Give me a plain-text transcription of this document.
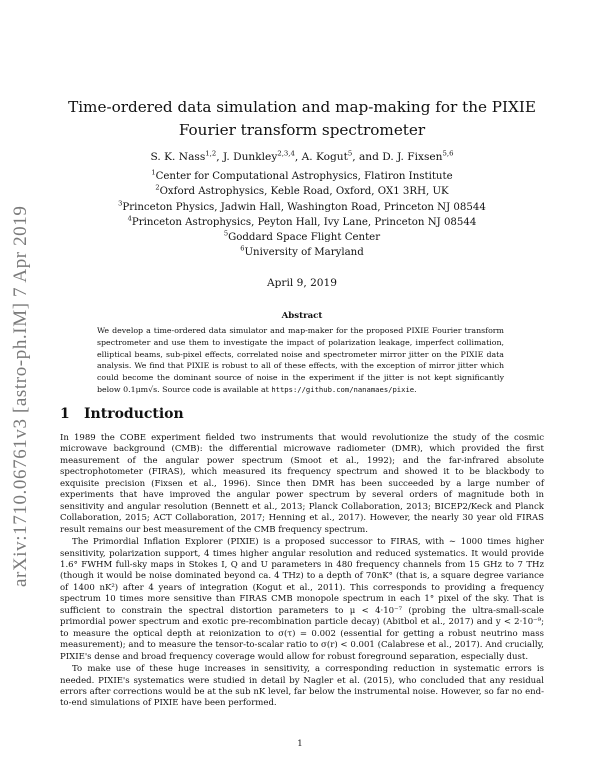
arXiv:1710.06761v3 [astro-ph.IM] 7 Apr 2019
Time-ordered data simulation and map-making for the PIXIE Fourier transform spectrometer
S. K. Nass$^{1,2}$, J. Dunkley$^{2,3,4}$, A. Kogut$^5$, and D. J. Fixsen$^{5,6}$
$^1$Center for Computational Astrophysics, Flatiron Institute
$^2$Oxford Astrophysics, Keble Road, Oxford, OX1 3RH, UK
$^3$Princeton Physics, Jadwin Hall, Washington Road, Princeton NJ 08544
$^4$Princeton Astrophysics, Peyton Hall, Ivy Lane, Princeton NJ 08544
$^5$Goddard Space Flight Center
$^6$University of Maryland
April 9, 2019
Abstract

We develop a time-ordered data simulator and map-maker for the proposed PIXIE Fourier transform spectrometer and use them to investigate the impact of polarization leakage, imperfect collimation, elliptical beams, sub-pixel effects, correlated noise and spectrometer mirror jitter on the PIXIE data analysis. We find that PIXIE is robust to all of these effects, with the exception of mirror jitter which could become the dominant source of noise in the experiment if the jitter is not kept significantly below 0.1μm√s. Source code is available at https://github.com/nanamaes/pixie.

1 Introduction

In 1989 the COBE experiment fielded two instruments that would revolutionize the study of the cosmic microwave background (CMB): the differential microwave radiometer (DMR), which provided the first measurement of the angular power spectrum (Smoot et al., 1992); and the far-infrared absolute spectrophotometer (FIRAS), which measured its frequency spectrum and showed it to be blackbody to exquisite precision (Fixsen et al., 1996). Since then DMR has been succeeded by a large number of experiments that have improved the angular power spectrum by several orders of magnitude both in sensitivity and angular resolution (Bennett et al., 2013; Planck Collaboration, 2013; BICEP2/Keck and Planck Collaboration, 2015; ACT Collaboration, 2017; Henning et al., 2017). However, the nearly 30 year old FIRAS result remains our best measurement of the CMB frequency spectrum.

The Primordial Inflation Explorer (PIXIE) is a proposed successor to FIRAS, with ∼ 1000 times higher sensitivity, polarization support, 4 times higher angular resolution and reduced systematics. It would provide 1.6° FWHM full-sky maps in Stokes I, Q and U parameters in 480 frequency channels from 15 GHz to 7 THz (though it would be noise dominated beyond ca. 4 THz) to a depth of 70nK° (that is, a square degree variance of 1400 nK²) after 4 years of integration (Kogut et al., 2011). This corresponds to providing a frequency spectrum 10 times more sensitive than FIRAS CMB monopole spectrum in each 1° pixel of the sky. That is sufficient to constrain the spectral distortion parameters to μ < 4·10⁻⁷ (probing the ultra-small-scale primordial power spectrum and exotic pre-recombination particle decay) (Abitbol et al., 2017) and y < 2·10⁻⁹; to measure the optical depth at reionization to σ(τ) = 0.002 (essential for getting a robust neutrino mass measurement); and to measure the tensor-to-scalar ratio to σ(r) < 0.001 (Calabrese et al., 2017). And crucially, PIXIE's dense and broad frequency coverage would allow for robust foreground separation, especially dust.

To make use of these huge increases in sensitivity, a corresponding reduction in systematic errors is needed. PIXIE's systematics were studied in detail by Nagler et al. (2015), who concluded that any residual errors after corrections would be at the sub nK level, far below the instrumental noise. However, so far no end-to-end simulations of PIXIE have been performed.

1
